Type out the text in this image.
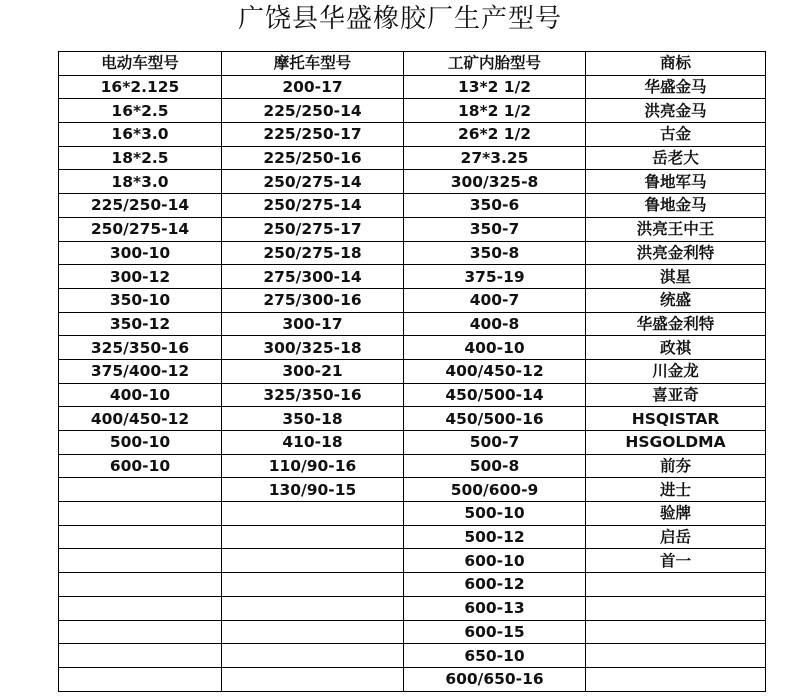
广饶县华盛橡胶厂生产型号
电动车型号	摩托车型号	工矿内胎型号	商标
16*2.125	200-17	13*2 1/2	华盛金马
16*2.5	225/250-14	18*2 1/2	洪亮金马
16*3.0	225/250-17	26*2 1/2	古金
18*2.5	225/250-16	27*3.25	岳老大
18*3.0	250/275-14	300/325-8	鲁地军马
225/250-14	250/275-14	350-6	鲁地金马
250/275-14	250/275-17	350-7	洪亮王中王
300-10	250/275-18	350-8	洪亮金利特
300-12	275/300-14	375-19	淇星
350-10	275/300-16	400-7	统盛
350-12	300-17	400-8	华盛金利特
325/350-16	300/325-18	400-10	政祺
375/400-12	300-21	400/450-12	川金龙
400-10	325/350-16	450/500-14	喜亚奇
400/450-12	350-18	450/500-16	HSQISTAR
500-10	410-18	500-7	HSGOLDMA
600-10	110/90-16	500-8	前夯
	130/90-15	500/600-9	进士
		500-10	验牌
		500-12	启岳
		600-10	首一
		600-12	
		600-13	
		600-15	
		650-10	
		600/650-16	
